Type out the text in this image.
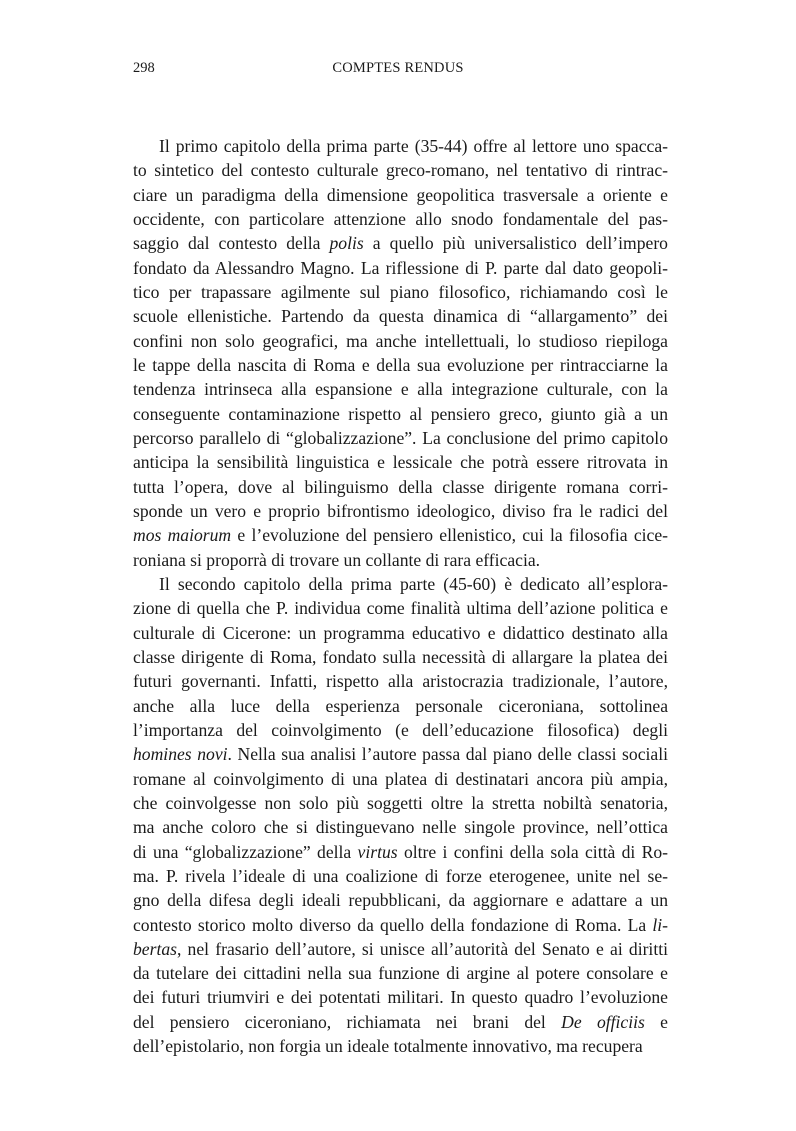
298	COMPTES RENDUS
Il primo capitolo della prima parte (35-44) offre al lettore uno spacca-
to sintetico del contesto culturale greco-romano, nel tentativo di rintrac-
ciare un paradigma della dimensione geopolitica trasversale a oriente e
occidente, con particolare attenzione allo snodo fondamentale del pas-
saggio dal contesto della polis a quello più universalistico dell’impero
fondato da Alessandro Magno. La riflessione di P. parte dal dato geopoli-
tico per trapassare agilmente sul piano filosofico, richiamando così le
scuole ellenistiche. Partendo da questa dinamica di “allargamento” dei
confini non solo geografici, ma anche intellettuali, lo studioso riepiloga
le tappe della nascita di Roma e della sua evoluzione per rintracciarne la
tendenza intrinseca alla espansione e alla integrazione culturale, con la
conseguente contaminazione rispetto al pensiero greco, giunto già a un
percorso parallelo di “globalizzazione”. La conclusione del primo capitolo
anticipa la sensibilità linguistica e lessicale che potrà essere ritrovata in
tutta l’opera, dove al bilinguismo della classe dirigente romana corri-
sponde un vero e proprio bifrontismo ideologico, diviso fra le radici del
mos maiorum e l’evoluzione del pensiero ellenistico, cui la filosofia cice-
roniana si proporrà di trovare un collante di rara efficacia.
Il secondo capitolo della prima parte (45-60) è dedicato all’esplora-
zione di quella che P. individua come finalità ultima dell’azione politica e
culturale di Cicerone: un programma educativo e didattico destinato alla
classe dirigente di Roma, fondato sulla necessità di allargare la platea dei
futuri governanti. Infatti, rispetto alla aristocrazia tradizionale, l’autore,
anche alla luce della esperienza personale ciceroniana, sottolinea
l’importanza del coinvolgimento (e dell’educazione filosofica) degli
homines novi. Nella sua analisi l’autore passa dal piano delle classi sociali
romane al coinvolgimento di una platea di destinatari ancora più ampia,
che coinvolgesse non solo più soggetti oltre la stretta nobiltà senatoria,
ma anche coloro che si distinguevano nelle singole province, nell’ottica
di una “globalizzazione” della virtus oltre i confini della sola città di Ro-
ma. P. rivela l’ideale di una coalizione di forze eterogenee, unite nel se-
gno della difesa degli ideali repubblicani, da aggiornare e adattare a un
contesto storico molto diverso da quello della fondazione di Roma. La li-
bertas, nel frasario dell’autore, si unisce all’autorità del Senato e ai diritti
da tutelare dei cittadini nella sua funzione di argine al potere consolare e
dei futuri triumviri e dei potentati militari. In questo quadro l’evoluzione
del pensiero ciceroniano, richiamata nei brani del De officiis e
dell’epistolario, non forgia un ideale totalmente innovativo, ma recupera
